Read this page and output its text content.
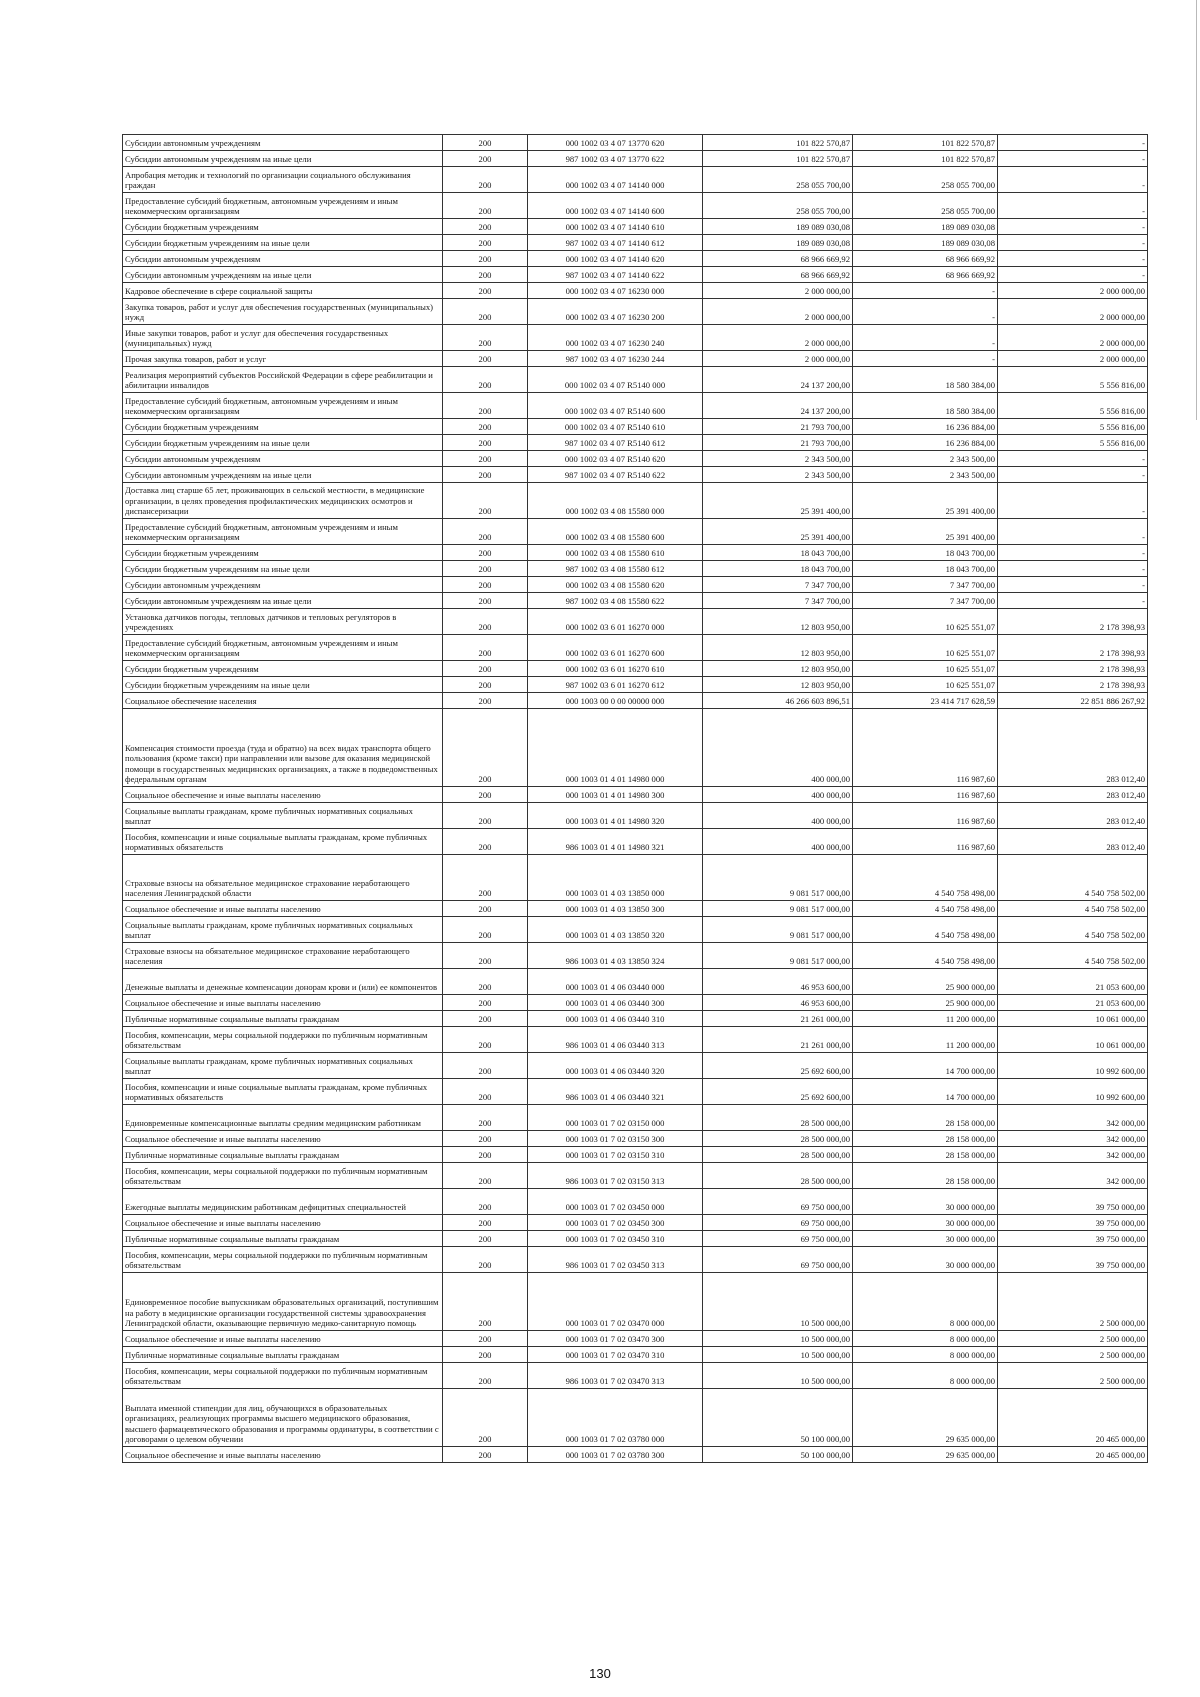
Субсидии автономным учреждениям	200	000 1002 03 4 07 13770 620	101 822 570,87	101 822 570,87	-
Субсидии автономным учреждениям на иные цели	200	987 1002 03 4 07 13770 622	101 822 570,87	101 822 570,87	-
Апробация методик и технологий по организации социального обслуживания граждан	200	000 1002 03 4 07 14140 000	258 055 700,00	258 055 700,00	-
Предоставление субсидий бюджетным, автономным учреждениям и иным некоммерческим организациям	200	000 1002 03 4 07 14140 600	258 055 700,00	258 055 700,00	-
Субсидии бюджетным учреждениям	200	000 1002 03 4 07 14140 610	189 089 030,08	189 089 030,08	-
Субсидии бюджетным учреждениям на иные цели	200	987 1002 03 4 07 14140 612	189 089 030,08	189 089 030,08	-
Субсидии автономным учреждениям	200	000 1002 03 4 07 14140 620	68 966 669,92	68 966 669,92	-
Субсидии автономным учреждениям на иные цели	200	987 1002 03 4 07 14140 622	68 966 669,92	68 966 669,92	-
Кадровое обеспечение в сфере социальной защиты	200	000 1002 03 4 07 16230 000	2 000 000,00	-	2 000 000,00
Закупка товаров, работ и услуг для обеспечения государственных (муниципальных) нужд	200	000 1002 03 4 07 16230 200	2 000 000,00	-	2 000 000,00
Иные закупки товаров, работ и услуг для обеспечения государственных (муниципальных) нужд	200	000 1002 03 4 07 16230 240	2 000 000,00	-	2 000 000,00
Прочая закупка товаров, работ и услуг	200	987 1002 03 4 07 16230 244	2 000 000,00	-	2 000 000,00
Реализация мероприятий субъектов Российской Федерации в сфере реабилитации и абилитации инвалидов	200	000 1002 03 4 07 R5140 000	24 137 200,00	18 580 384,00	5 556 816,00
Предоставление субсидий бюджетным, автономным учреждениям и иным некоммерческим организациям	200	000 1002 03 4 07 R5140 600	24 137 200,00	18 580 384,00	5 556 816,00
Субсидии бюджетным учреждениям	200	000 1002 03 4 07 R5140 610	21 793 700,00	16 236 884,00	5 556 816,00
Субсидии бюджетным учреждениям на иные цели	200	987 1002 03 4 07 R5140 612	21 793 700,00	16 236 884,00	5 556 816,00
Субсидии автономным учреждениям	200	000 1002 03 4 07 R5140 620	2 343 500,00	2 343 500,00	-
Субсидии автономным учреждениям на иные цели	200	987 1002 03 4 07 R5140 622	2 343 500,00	2 343 500,00	-
Доставка лиц старше 65 лет, проживающих в сельской местности, в медицинские организации, в целях проведения профилактических медицинских осмотров и диспансеризации	200	000 1002 03 4 08 15580 000	25 391 400,00	25 391 400,00	-
Предоставление субсидий бюджетным, автономным учреждениям и иным некоммерческим организациям	200	000 1002 03 4 08 15580 600	25 391 400,00	25 391 400,00	-
Субсидии бюджетным учреждениям	200	000 1002 03 4 08 15580 610	18 043 700,00	18 043 700,00	-
Субсидии бюджетным учреждениям на иные цели	200	987 1002 03 4 08 15580 612	18 043 700,00	18 043 700,00	-
Субсидии автономным учреждениям	200	000 1002 03 4 08 15580 620	7 347 700,00	7 347 700,00	-
Субсидии автономным учреждениям на иные цели	200	987 1002 03 4 08 15580 622	7 347 700,00	7 347 700,00	-
Установка датчиков погоды, тепловых датчиков и тепловых регуляторов в учреждениях	200	000 1002 03 6 01 16270 000	12 803 950,00	10 625 551,07	2 178 398,93
Предоставление субсидий бюджетным, автономным учреждениям и иным некоммерческим организациям	200	000 1002 03 6 01 16270 600	12 803 950,00	10 625 551,07	2 178 398,93
Субсидии бюджетным учреждениям	200	000 1002 03 6 01 16270 610	12 803 950,00	10 625 551,07	2 178 398,93
Субсидии бюджетным учреждениям на иные цели	200	987 1002 03 6 01 16270 612	12 803 950,00	10 625 551,07	2 178 398,93
Социальное обеспечение населения	200	000 1003 00 0 00 00000 000	46 266 603 896,51	23 414 717 628,59	22 851 886 267,92
Компенсация стоимости проезда (туда и обратно) на всех видах транспорта общего пользования (кроме такси) при направлении или вызове для оказания медицинской помощи в государственных медицинских организациях, а также в подведомственных федеральным органам	200	000 1003 01 4 01 14980 000	400 000,00	116 987,60	283 012,40
Социальное обеспечение и иные выплаты населению	200	000 1003 01 4 01 14980 300	400 000,00	116 987,60	283 012,40
Социальные выплаты гражданам, кроме публичных нормативных социальных выплат	200	000 1003 01 4 01 14980 320	400 000,00	116 987,60	283 012,40
Пособия, компенсации и иные социальные выплаты гражданам, кроме публичных нормативных обязательств	200	986 1003 01 4 01 14980 321	400 000,00	116 987,60	283 012,40
Страховые взносы на обязательное медицинское страхование неработающего населения Ленинградской области	200	000 1003 01 4 03 13850 000	9 081 517 000,00	4 540 758 498,00	4 540 758 502,00
Социальное обеспечение и иные выплаты населению	200	000 1003 01 4 03 13850 300	9 081 517 000,00	4 540 758 498,00	4 540 758 502,00
Социальные выплаты гражданам, кроме публичных нормативных социальных выплат	200	000 1003 01 4 03 13850 320	9 081 517 000,00	4 540 758 498,00	4 540 758 502,00
Страховые взносы на обязательное медицинское страхование неработающего населения	200	986 1003 01 4 03 13850 324	9 081 517 000,00	4 540 758 498,00	4 540 758 502,00
Денежные выплаты и денежные компенсации донорам крови и (или) ее компонентов	200	000 1003 01 4 06 03440 000	46 953 600,00	25 900 000,00	21 053 600,00
Социальное обеспечение и иные выплаты населению	200	000 1003 01 4 06 03440 300	46 953 600,00	25 900 000,00	21 053 600,00
Публичные нормативные социальные выплаты гражданам	200	000 1003 01 4 06 03440 310	21 261 000,00	11 200 000,00	10 061 000,00
Пособия, компенсации, меры социальной поддержки по публичным нормативным обязательствам	200	986 1003 01 4 06 03440 313	21 261 000,00	11 200 000,00	10 061 000,00
Социальные выплаты гражданам, кроме публичных нормативных социальных выплат	200	000 1003 01 4 06 03440 320	25 692 600,00	14 700 000,00	10 992 600,00
Пособия, компенсации и иные социальные выплаты гражданам, кроме публичных нормативных обязательств	200	986 1003 01 4 06 03440 321	25 692 600,00	14 700 000,00	10 992 600,00
Единовременные компенсационные выплаты средним медицинским работникам	200	000 1003 01 7 02 03150 000	28 500 000,00	28 158 000,00	342 000,00
Социальное обеспечение и иные выплаты населению	200	000 1003 01 7 02 03150 300	28 500 000,00	28 158 000,00	342 000,00
Публичные нормативные социальные выплаты гражданам	200	000 1003 01 7 02 03150 310	28 500 000,00	28 158 000,00	342 000,00
Пособия, компенсации, меры социальной поддержки по публичным нормативным обязательствам	200	986 1003 01 7 02 03150 313	28 500 000,00	28 158 000,00	342 000,00
Ежегодные выплаты медицинским работникам дефицитных специальностей	200	000 1003 01 7 02 03450 000	69 750 000,00	30 000 000,00	39 750 000,00
Социальное обеспечение и иные выплаты населению	200	000 1003 01 7 02 03450 300	69 750 000,00	30 000 000,00	39 750 000,00
Публичные нормативные социальные выплаты гражданам	200	000 1003 01 7 02 03450 310	69 750 000,00	30 000 000,00	39 750 000,00
Пособия, компенсации, меры социальной поддержки по публичным нормативным обязательствам	200	986 1003 01 7 02 03450 313	69 750 000,00	30 000 000,00	39 750 000,00
Единовременное пособие выпускникам образовательных организаций, поступившим на работу в медицинские организации государственной системы здравоохранения Ленинградской области, оказывающие первичную медико-санитарную помощь	200	000 1003 01 7 02 03470 000	10 500 000,00	8 000 000,00	2 500 000,00
Социальное обеспечение и иные выплаты населению	200	000 1003 01 7 02 03470 300	10 500 000,00	8 000 000,00	2 500 000,00
Публичные нормативные социальные выплаты гражданам	200	000 1003 01 7 02 03470 310	10 500 000,00	8 000 000,00	2 500 000,00
Пособия, компенсации, меры социальной поддержки по публичным нормативным обязательствам	200	986 1003 01 7 02 03470 313	10 500 000,00	8 000 000,00	2 500 000,00
Выплата именной стипендии для лиц, обучающихся в образовательных организациях, реализующих программы высшего медицинского образования, высшего фармацевтического образования и программы ординатуры, в соответствии с договорами о целевом обучении	200	000 1003 01 7 02 03780 000	50 100 000,00	29 635 000,00	20 465 000,00
Социальное обеспечение и иные выплаты населению	200	000 1003 01 7 02 03780 300	50 100 000,00	29 635 000,00	20 465 000,00
130
